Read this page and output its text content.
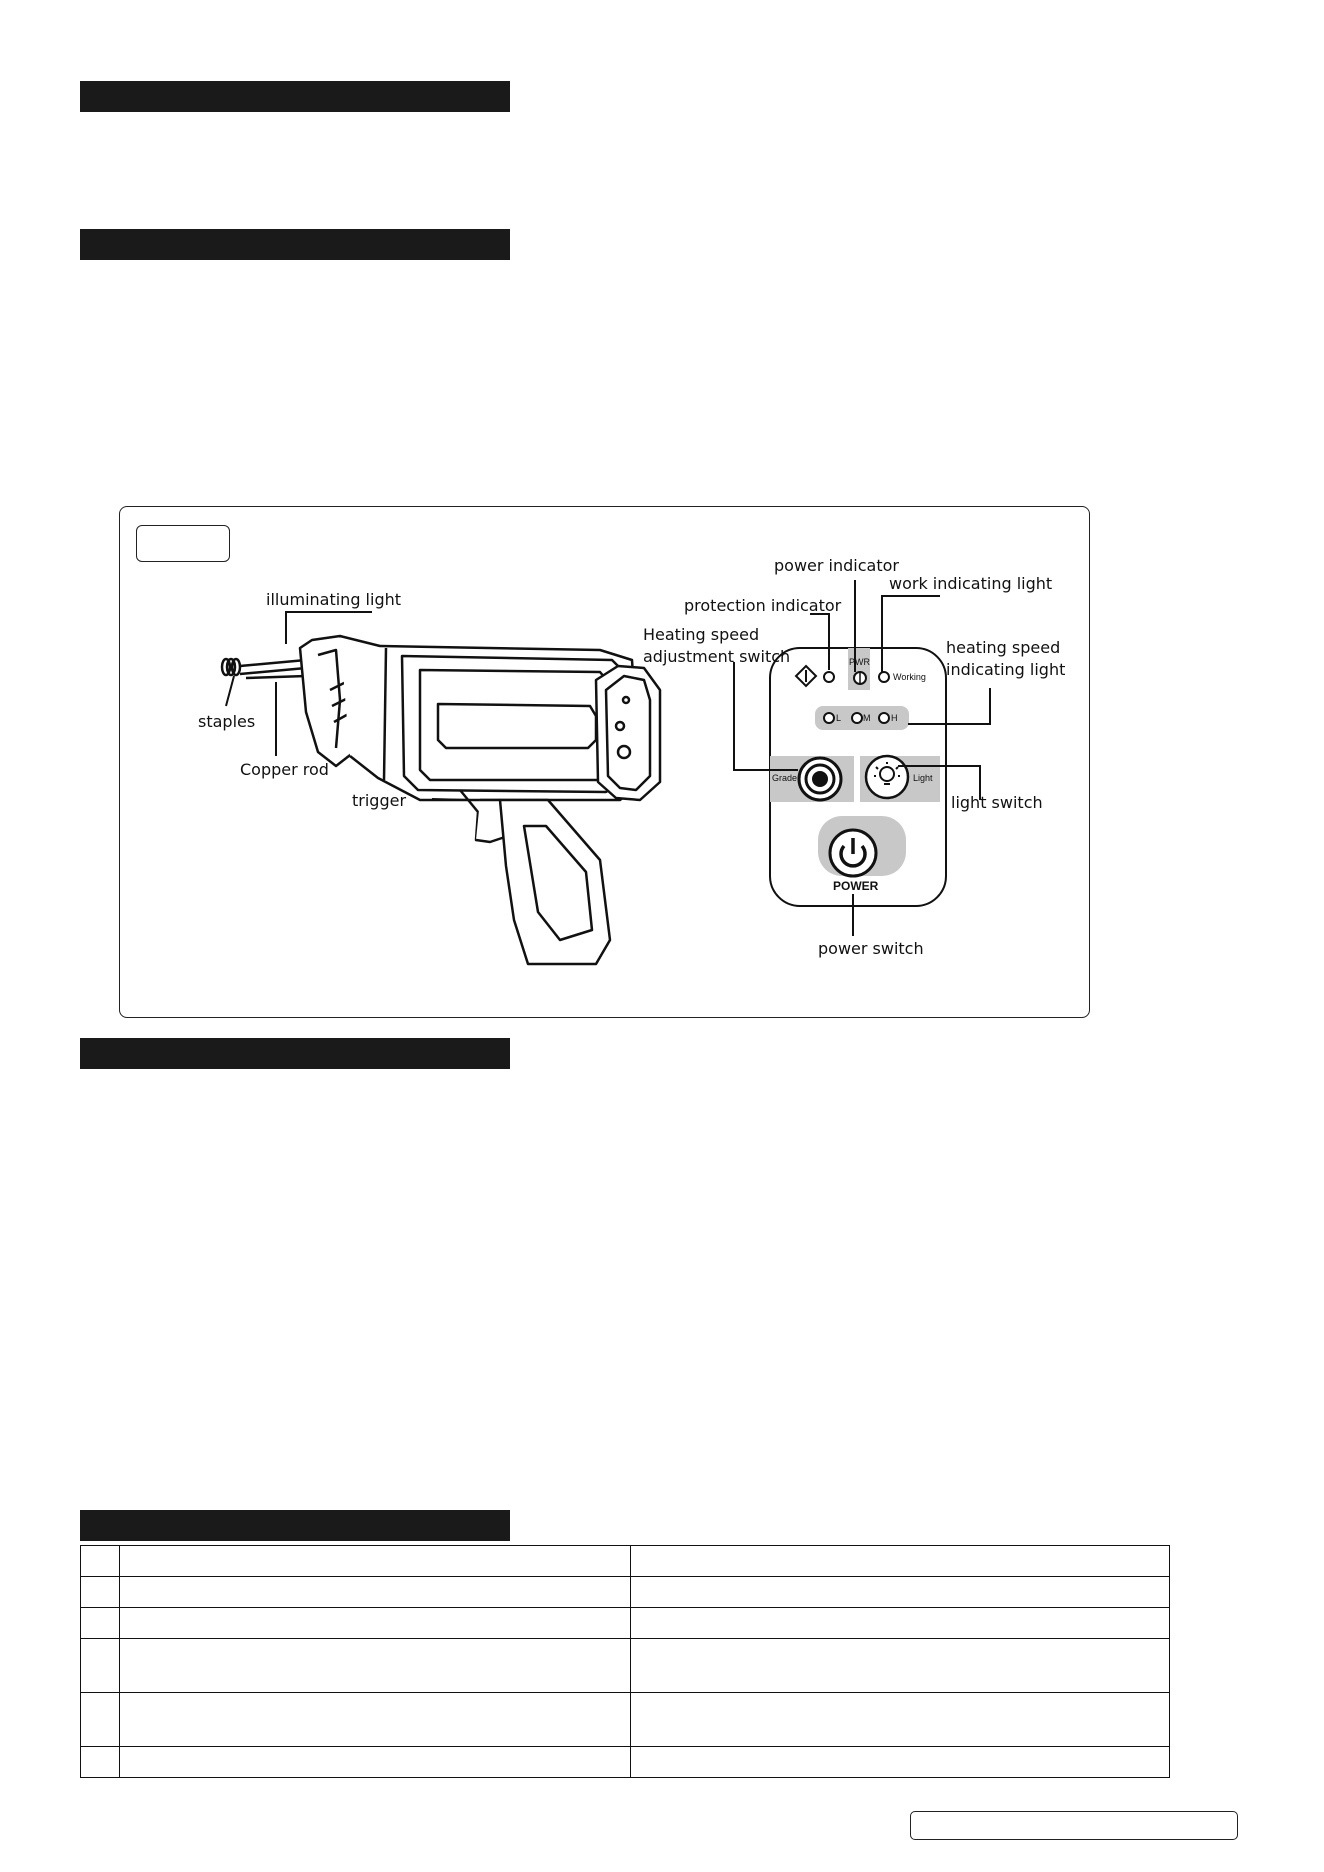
illuminating light
staples
Copper rod
trigger
PWR
Working
L M H
Grade	Light
POWER
power indicator
protection indicator
work indicating light
Heating speed
adjustment switch	heating speed
indicating light
light switch
power switch
